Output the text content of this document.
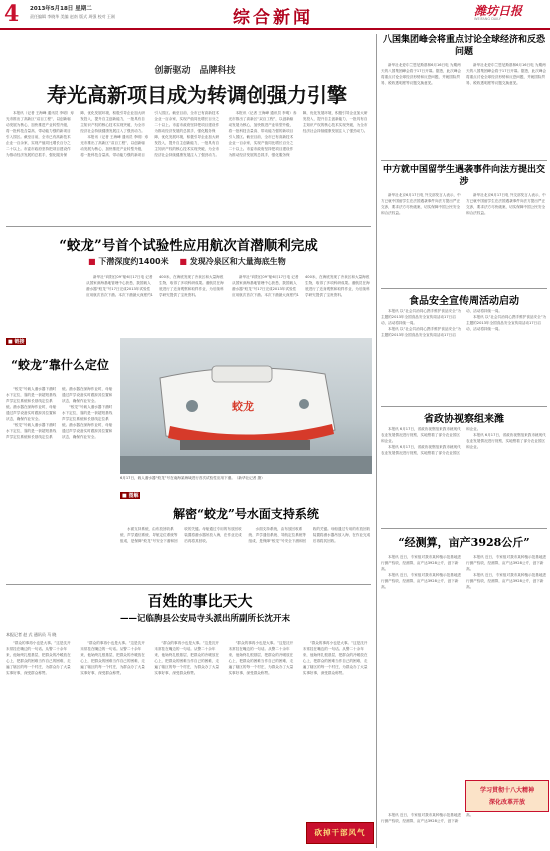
4 2013年5月18日 星期二
责任编辑 李晓华 美编 赵南 版式 周强 校对 王刚	综合新闻	潍坊日报
WEIFANG DAILY
创新驱动　品牌科技
寿光高新项目成为转调创强力引擎

本报讯（记者 王海峰 通讯员 李明）寿光市推出了高新区“双百工程”，以创新驱动发展为核心，加快推进产业转型升级，将一批科技含量高、带动能力强的新项目引入园区。截至目前，全市已有高新技术企业一百余家，实现产值同比增长百分之二十以上。市委市政府坚持把项目建设作为推动经济发展的总抓手，强化服务保障，优化发展环境，积极引导企业加大研发投入，提升自主创新能力，一批具有自主知识产权的核心技术实现突破，为全市经济社会持续健康发展注入了强劲动力。

本报讯（记者 王海峰 通讯员 李明）寿光市推出了高新区“双百工程”，以创新驱动发展为核心，加快推进产业转型升级，将一批科技含量高、带动能力强的新项目引入园区。截至目前，全市已有高新技术企业一百余家，实现产值同比增长百分之二十以上。市委市政府坚持把项目建设作为推动经济发展的总抓手，强化服务保障，优化发展环境，积极引导企业加大研发投入，提升自主创新能力，一批具有自主知识产权的核心技术实现突破，为全市经济社会持续健康发展注入了强劲动力。

本报讯（记者 王海峰 通讯员 李明）寿光市推出了高新区“双百工程”，以创新驱动发展为核心，加快推进产业转型升级，将一批科技含量高、带动能力强的新项目引入园区。截至目前，全市已有高新技术企业一百余家，实现产值同比增长百分之二十以上。市委市政府坚持把项目建设作为推动经济发展的总抓手，强化服务保障，优化发展环境，积极引导企业加大研发投入，提升自主创新能力，一批具有自主知识产权的核心技术实现突破，为全市经济社会持续健康发展注入了强劲动力。

“蛟龙”号首个试验性应用航次首潜顺利完成
■ 下潜深度约1400米 ■ 发现冷泉区和大量海底生物

新华社“向阳红09”船6月17日电 记者从国家深海基地管理中心获悉，我国载人潜水器“蛟龙”号17日完成2013年试验性应用航次首次下潜。本次下潜最大深度约1400米，在海底发现了冷泉区和大量海底生物，取得了多项科研成果。潜航员在海底进行了近身观察和取样作业，为后续科学研究提供了宝贵资料。

新华社“向阳红09”船6月17日电 记者从国家深海基地管理中心获悉，我国载人潜水器“蛟龙”号17日完成2013年试验性应用航次首次下潜。本次下潜最大深度约1400米，在海底发现了冷泉区和大量海底生物，取得了多项科研成果。潜航员在海底进行了近身观察和取样作业，为后续科学研究提供了宝贵资料。

蛟龙
6月17日，载人潜水器“蛟龙”号在南海某海域进行首次试验性应用下潜。（新华社记者 摄）
■ 链接
“蛟龙”靠什么定位

“蛟龙”号载人潜水器下潜时水下定位，靠的是一套超短基线声学定位系统和长基线定位系统。潜水器在深海作业时，母船通过声学设备实时跟踪其位置和状态，确保作业安全。

“蛟龙”号载人潜水器下潜时水下定位，靠的是一套超短基线声学定位系统和长基线定位系统。潜水器在深海作业时，母船通过声学设备实时跟踪其位置和状态，确保作业安全。

“蛟龙”号载人潜水器下潜时水下定位，靠的是一套超短基线声学定位系统和长基线定位系统。潜水器在深海作业时，母船通过声学设备实时跟踪其位置和状态，确保作业安全。

■ 图解
解密“蛟龙”号水面支持系统

水面支持系统，由布放回收系统、声学通信系统、导航定位系统等组成，是保障“蛟龙”号安全下潜和回收的关键。母船通过专用的布放回收装置将潜水器吊放入海，在作业完成后再将其回收。

水面支持系统，由布放回收系统、声学通信系统、导航定位系统等组成，是保障“蛟龙”号安全下潜和回收的关键。母船通过专用的布放回收装置将潜水器吊放入海，在作业完成后再将其回收。

百姓的事比天大
——记临朐县公安局寺头派出所副所长沈开末
本报记者 赵 式 通讯员 马 晓

“群众的事再小也是大事。”这是沈开末常挂在嘴边的一句话。从警二十余年来，他始终扎根基层，把群众的冷暖放在心上，把群众的困难当作自己的困难，走遍了辖区的每一个村庄，为群众办了大量实事好事，深受群众称赞。

“群众的事再小也是大事。”这是沈开末常挂在嘴边的一句话。从警二十余年来，他始终扎根基层，把群众的冷暖放在心上，把群众的困难当作自己的困难，走遍了辖区的每一个村庄，为群众办了大量实事好事，深受群众称赞。

“群众的事再小也是大事。”这是沈开末常挂在嘴边的一句话。从警二十余年来，他始终扎根基层，把群众的冷暖放在心上，把群众的困难当作自己的困难，走遍了辖区的每一个村庄，为群众办了大量实事好事，深受群众称赞。

“群众的事再小也是大事。”这是沈开末常挂在嘴边的一句话。从警二十余年来，他始终扎根基层，把群众的冷暖放在心上，把群众的困难当作自己的困难，走遍了辖区的每一个村庄，为群众办了大量实事好事，深受群众称赞。

“群众的事再小也是大事。”这是沈开末常挂在嘴边的一句话。从警二十余年来，他始终扎根基层，把群众的冷暖放在心上，把群众的困难当作自己的困难，走遍了辖区的每一个村庄，为群众办了大量实事好事，深受群众称赞。

砍掉干部风气
八国集团峰会将重点讨论全球经济和反恐问题

新华社北爱尔兰恩尼斯基林6月16日电 为期两天的八国集团峰会将于17日开幕。据悉，此次峰会将重点讨论全球经济形势和反恐问题，并就国际贸易、税收透明度等议题交换意见。

新华社北爱尔兰恩尼斯基林6月16日电 为期两天的八国集团峰会将于17日开幕。据悉，此次峰会将重点讨论全球经济形势和反恐问题，并就国际贸易、税收透明度等议题交换意见。

中方就中国留学生遇袭事件向法方提出交涉

新华社北京6月17日电 外交部发言人表示，中方已就中国留学生在法国遇袭事件向法方提出严正交涉，要求法方尽快破案，切实保障中国公民安全和合法权益。

新华社北京6月17日电 外交部发言人表示，中方已就中国留学生在法国遇袭事件向法方提出严正交涉，要求法方尽快破案，切实保障中国公民安全和合法权益。

食品安全宣传周活动启动

本报讯 以“社会共治同心携手维护食品安全”为主题的2013年全国食品安全宣传周活动17日启动，活动将持续一周。

本报讯 以“社会共治同心携手维护食品安全”为主题的2013年全国食品安全宣传周活动17日启动，活动将持续一周。

本报讯 以“社会共治同心携手维护食品安全”为主题的2013年全国食品安全宣传周活动17日启动，活动将持续一周。

省政协视察组来潍

本报讯 6月17日，省政协视察组来我市就现代农业发展情况进行视察，实地察看了部分农业园区和企业。

本报讯 6月17日，省政协视察组来我市就现代农业发展情况进行视察，实地察看了部分农业园区和企业。

本报讯 6月17日，省政协视察组来我市就现代农业发展情况进行视察，实地察看了部分农业园区和企业。

“经测算，亩产3928公斤”

本报讯 近日，专家组对我市某种植示范基地进行测产验收，经测算，亩产达3928公斤，创下新高。

本报讯 近日，专家组对我市某种植示范基地进行测产验收，经测算，亩产达3928公斤，创下新高。

本报讯 近日，专家组对我市某种植示范基地进行测产验收，经测算，亩产达3928公斤，创下新高。

本报讯 近日，专家组对我市某种植示范基地进行测产验收，经测算，亩产达3928公斤，创下新高。

学习贯彻十八大精神
深化改革开放

本报讯 近日，专家组对我市某种植示范基地进行测产验收，经测算，亩产达3928公斤，创下新高。
